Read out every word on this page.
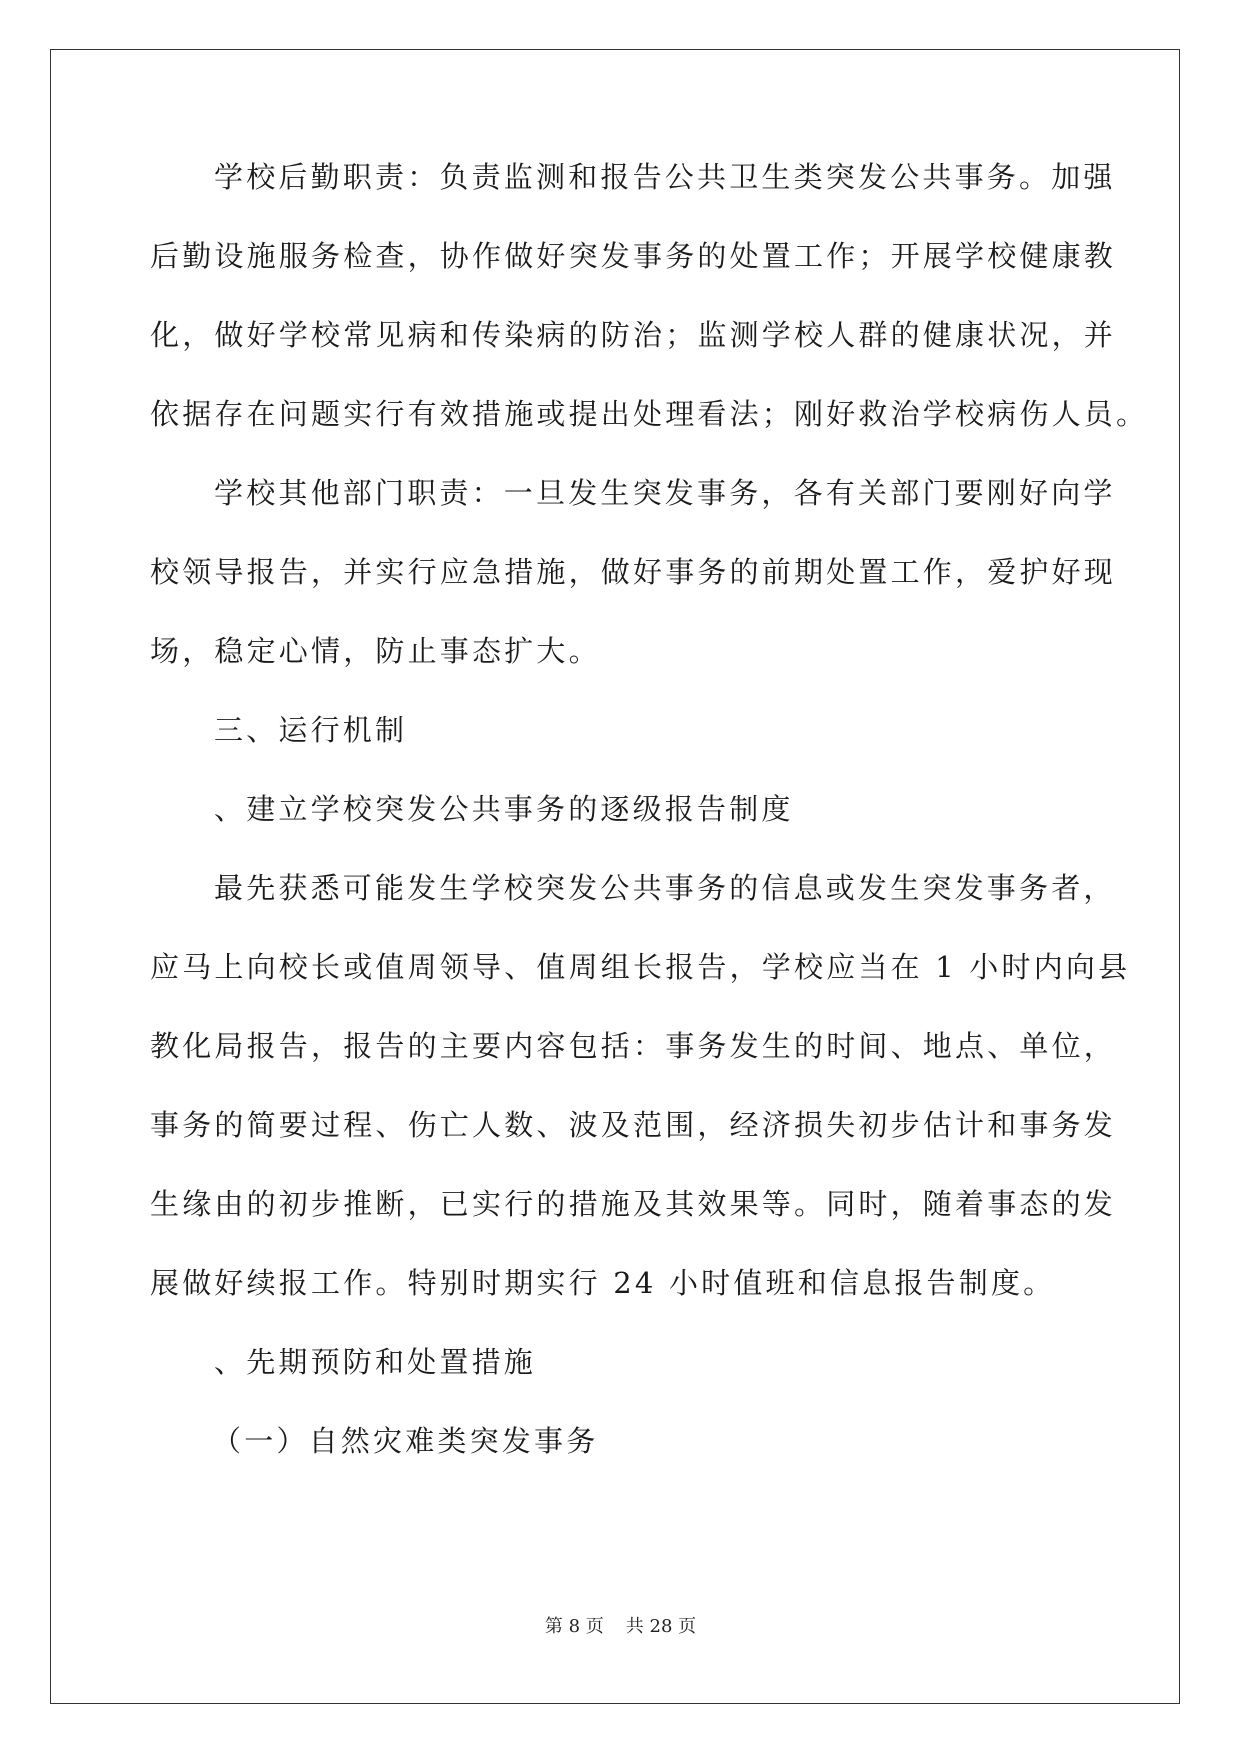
学校后勤职责：负责监测和报告公共卫生类突发公共事务。加强
后勤设施服务检查，协作做好突发事务的处置工作；开展学校健康教
化，做好学校常见病和传染病的防治；监测学校人群的健康状况，并
依据存在问题实行有效措施或提出处理看法；刚好救治学校病伤人员。
学校其他部门职责：一旦发生突发事务，各有关部门要刚好向学
校领导报告，并实行应急措施，做好事务的前期处置工作，爱护好现
场，稳定心情，防止事态扩大。
三、运行机制
、建立学校突发公共事务的逐级报告制度
最先获悉可能发生学校突发公共事务的信息或发生突发事务者，
应马上向校长或值周领导、值周组长报告，学校应当在 1 小时内向县
教化局报告，报告的主要内容包括：事务发生的时间、地点、单位，
事务的简要过程、伤亡人数、波及范围，经济损失初步估计和事务发
生缘由的初步推断，已实行的措施及其效果等。同时，随着事态的发
展做好续报工作。特别时期实行 24 小时值班和信息报告制度。
、先期预防和处置措施
（一）自然灾难类突发事务
第 8 页 共 28 页
